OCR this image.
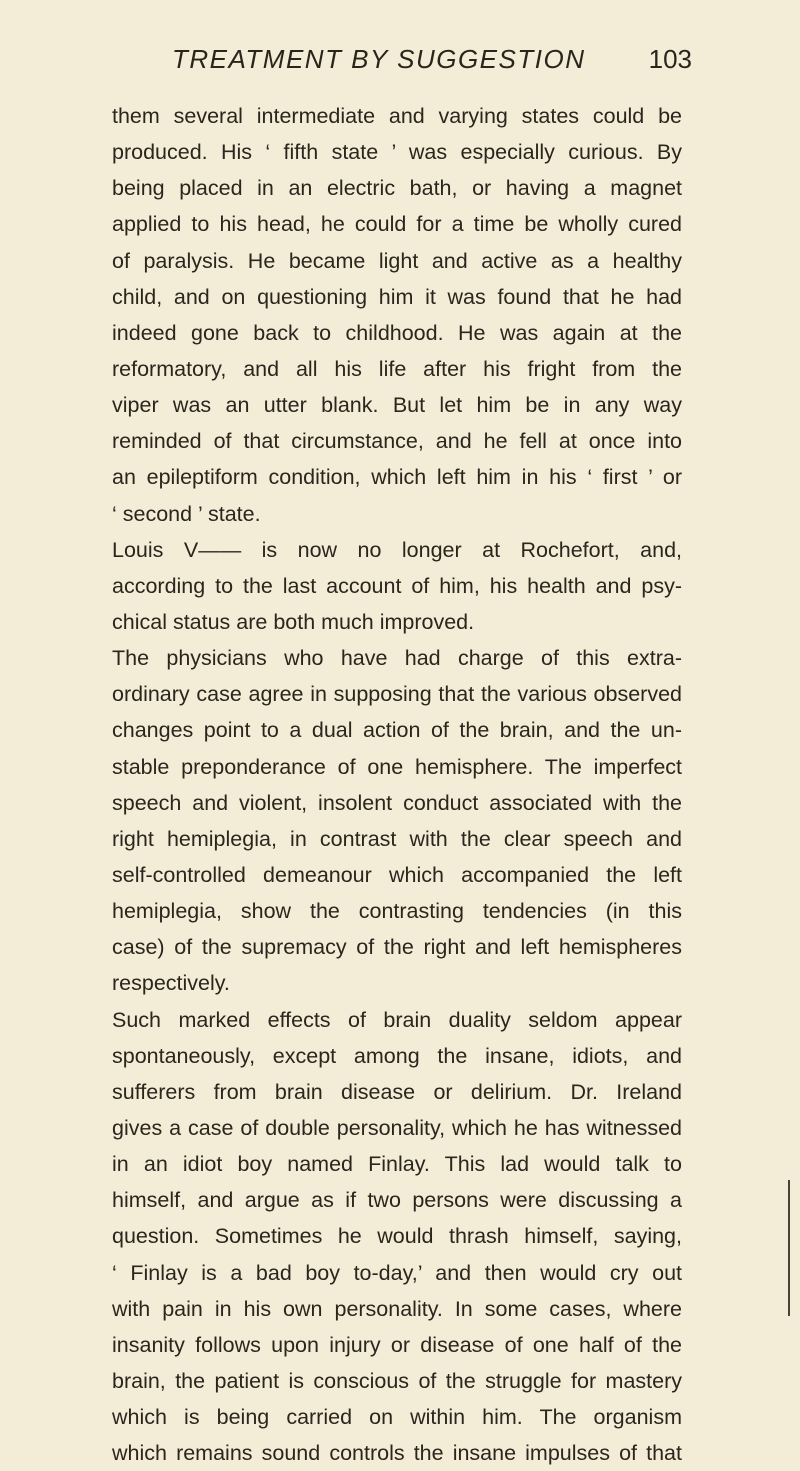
TREATMENT BY SUGGESTION 103
them several intermediate and varying states could be
produced. His ‘ fifth state ’ was especially curious. By
being placed in an electric bath, or having a magnet
applied to his head, he could for a time be wholly cured
of paralysis. He became light and active as a healthy
child, and on questioning him it was found that he had
indeed gone back to childhood. He was again at the
reformatory, and all his life after his fright from the
viper was an utter blank. But let him be in any way
reminded of that circumstance, and he fell at once into
an epileptiform condition, which left him in his ‘ first ’ or
‘ second ’ state.
Louis V—— is now no longer at Rochefort, and,
according to the last account of him, his health and psy-
chical status are both much improved.
The physicians who have had charge of this extra-
ordinary case agree in supposing that the various observed
changes point to a dual action of the brain, and the un-
stable preponderance of one hemisphere. The imperfect
speech and violent, insolent conduct associated with the
right hemiplegia, in contrast with the clear speech and
self-controlled demeanour which accompanied the left
hemiplegia, show the contrasting tendencies (in this
case) of the supremacy of the right and left hemispheres
respectively.
Such marked effects of brain duality seldom appear
spontaneously, except among the insane, idiots, and
sufferers from brain disease or delirium. Dr. Ireland
gives a case of double personality, which he has witnessed
in an idiot boy named Finlay. This lad would talk to
himself, and argue as if two persons were discussing a
question. Sometimes he would thrash himself, saying,
‘ Finlay is a bad boy to-day,’ and then would cry out
with pain in his own personality. In some cases, where
insanity follows upon injury or disease of one half of the
brain, the patient is conscious of the struggle for mastery
which is being carried on within him. The organism
which remains sound controls the insane impulses of that
